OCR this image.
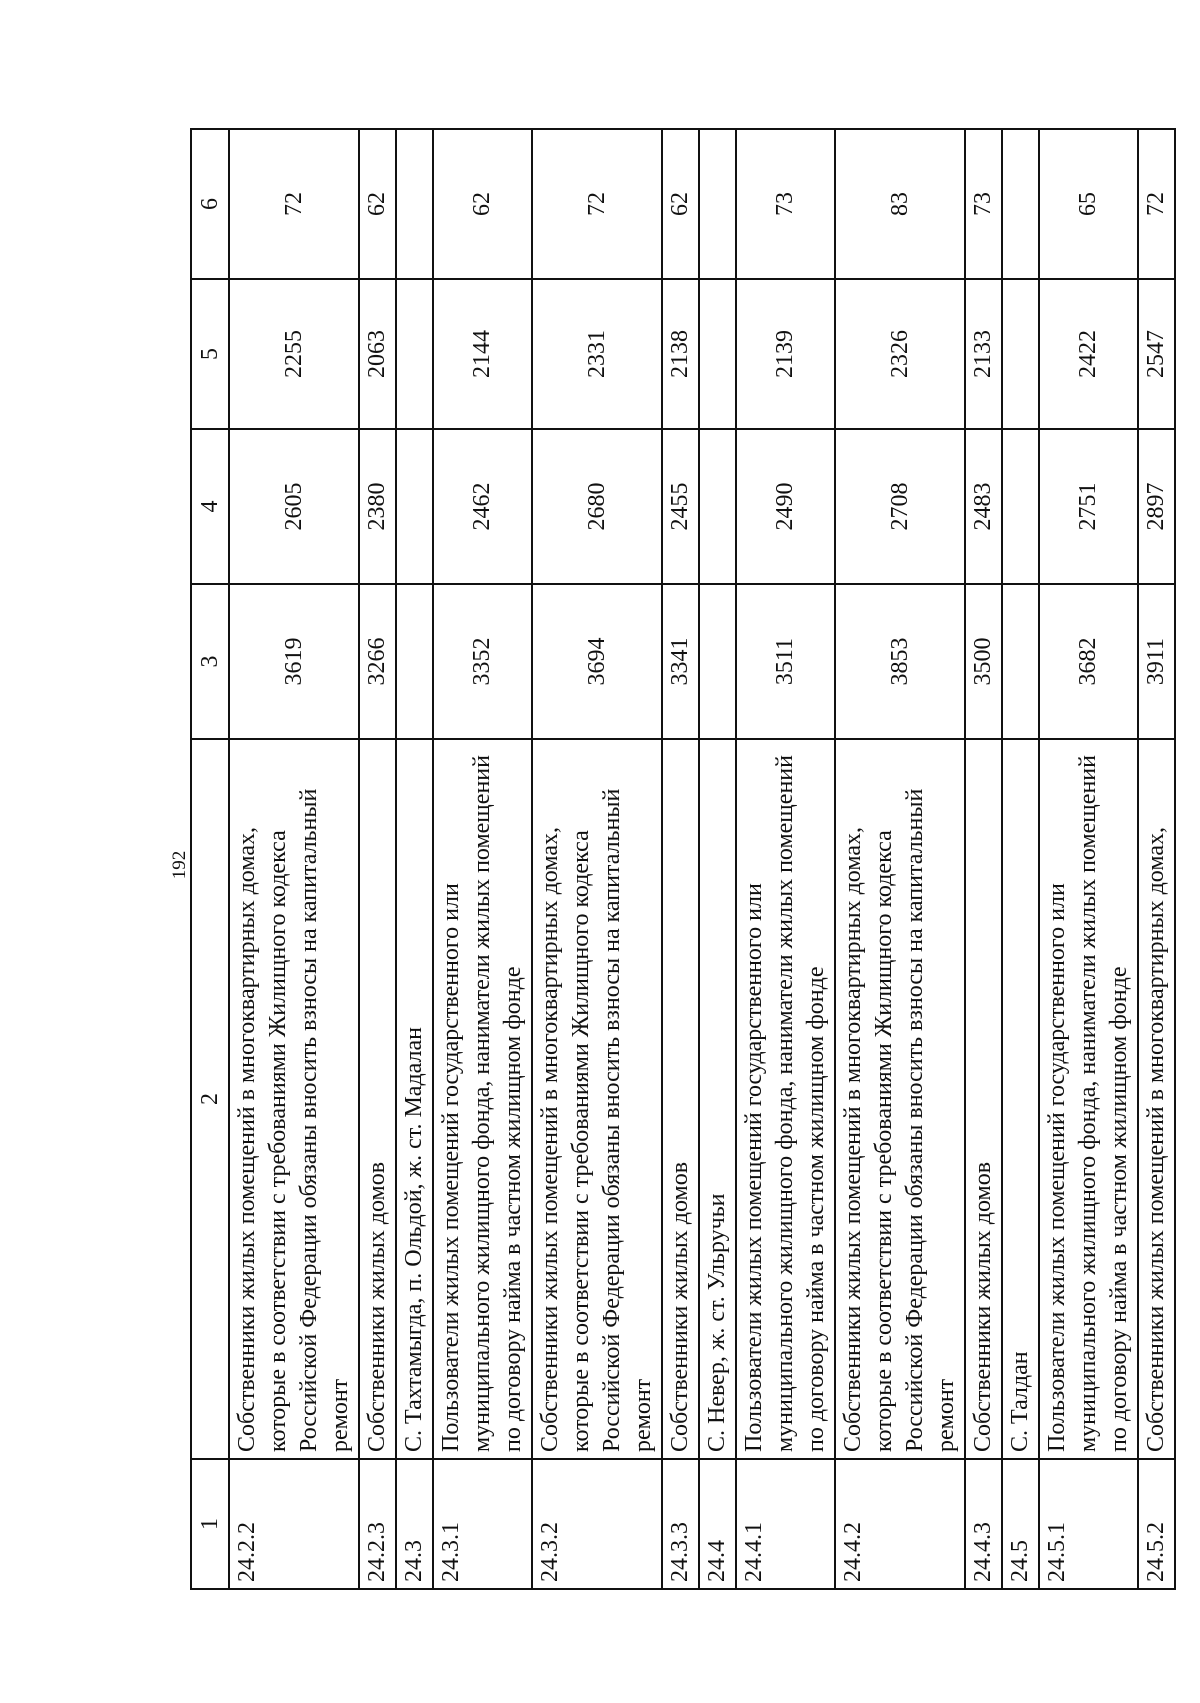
192
1	2	3	4	5	6
24.2.2	Собственники жилых помещений в многоквартирных домах, которые в соответствии с требованиями Жилищного кодекса Российской Федерации обязаны вносить взносы на капитальный ремонт	3619	2605	2255	72
24.2.3	Собственники жилых домов	3266	2380	2063	62
24.3	С. Тахтамыгда, п. Ольдой, ж. ст. Мадалан				
24.3.1	Пользователи жилых помещений государственного или муниципального жилищного фонда, наниматели жилых помещений по договору найма в частном жилищном фонде	3352	2462	2144	62
24.3.2	Собственники жилых помещений в многоквартирных домах, которые в соответствии с требованиями Жилищного кодекса Российской Федерации обязаны вносить взносы на капитальный ремонт	3694	2680	2331	72
24.3.3	Собственники жилых домов	3341	2455	2138	62
24.4	С. Невер, ж. ст. Ульручьи				
24.4.1	Пользователи жилых помещений государственного или муниципального жилищного фонда, наниматели жилых помещений по договору найма в частном жилищном фонде	3511	2490	2139	73
24.4.2	Собственники жилых помещений в многоквартирных домах, которые в соответствии с требованиями Жилищного кодекса Российской Федерации обязаны вносить взносы на капитальный ремонт	3853	2708	2326	83
24.4.3	Собственники жилых домов	3500	2483	2133	73
24.5	С. Талдан				
24.5.1	Пользователи жилых помещений государственного или муниципального жилищного фонда, наниматели жилых помещений по договору найма в частном жилищном фонде	3682	2751	2422	65
24.5.2	Собственники жилых помещений в многоквартирных домах,	3911	2897	2547	72
